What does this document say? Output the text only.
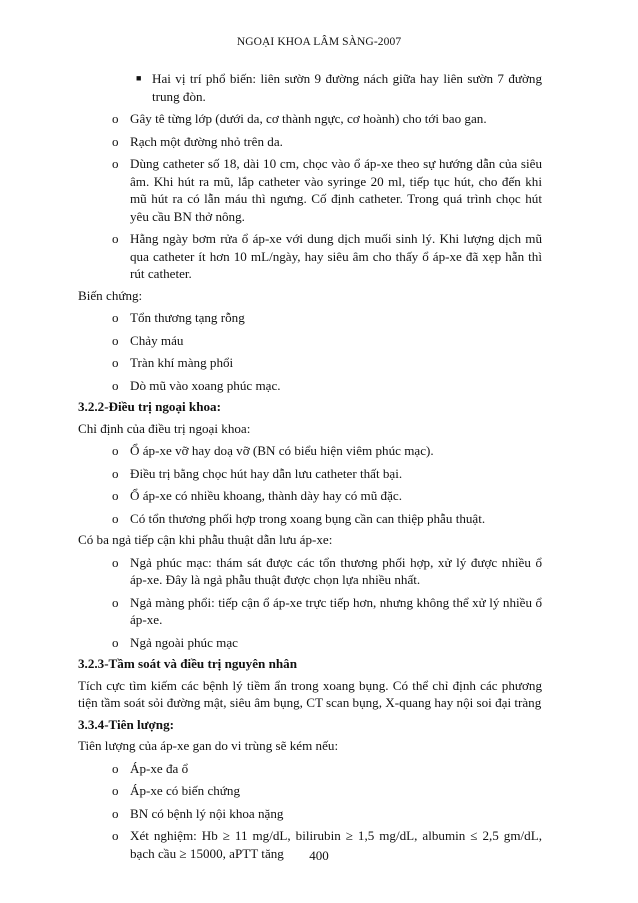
NGOẠI KHOA LÂM SÀNG-2007
■ Hai vị trí phổ biến: liên sườn 9 đường nách giữa hay liên sườn 7 đường trung đòn.
o Gây tê từng lớp (dưới da, cơ thành ngực, cơ hoành) cho tới bao gan.
o Rạch một đường nhỏ trên da.
o Dùng catheter số 18, dài 10 cm, chọc vào ổ áp-xe theo sự hướng dẫn của siêu âm. Khi hút ra mũ, lắp catheter vào syringe 20 ml, tiếp tục hút, cho đến khi mũ hút ra có lẫn máu thì ngưng. Cố định catheter. Trong quá trình chọc hút yêu cầu BN thở nông.
o Hằng ngày bơm rửa ổ áp-xe với dung dịch muối sinh lý. Khi lượng dịch mũ qua catheter ít hơn 10 mL/ngày, hay siêu âm cho thấy ổ áp-xe đã xẹp hẵn thì rút catheter.

Biến chứng:

o Tổn thương tạng rỗng
o Chảy máu
o Tràn khí màng phổi
o Dò mũ vào xoang phúc mạc.

3.2.2-Điều trị ngoại khoa:

Chỉ định của điều trị ngoại khoa:

o Ổ áp-xe vỡ hay doạ vỡ (BN có biểu hiện viêm phúc mạc).
o Điều trị bằng chọc hút hay dẫn lưu catheter thất bại.
o Ổ áp-xe có nhiều khoang, thành dày hay có mũ đặc.
o Có tổn thương phối hợp trong xoang bụng cần can thiệp phẫu thuật.

Có ba ngả tiếp cận khi phẫu thuật dẫn lưu áp-xe:

o Ngả phúc mạc: thám sát được các tổn thương phối hợp, xử lý được nhiều ổ áp-xe. Đây là ngả phẫu thuật được chọn lựa nhiều nhất.
o Ngả màng phổi: tiếp cận ổ áp-xe trực tiếp hơn, nhưng không thể xử lý nhiều ổ áp-xe.
o Ngả ngoài phúc mạc

3.2.3-Tầm soát và điều trị nguyên nhân

Tích cực tìm kiếm các bệnh lý tiềm ẩn trong xoang bụng. Có thể chỉ định các phương tiện tầm soát sỏi đường mật, siêu âm bụng, CT scan bụng, X-quang hay nội soi đại tràng

3.3.4-Tiên lượng:

Tiên lượng của áp-xe gan do vi trùng sẽ kém nếu:

o Áp-xe đa ổ
o Áp-xe có biến chứng
o BN có bệnh lý nội khoa nặng
o Xét nghiệm: Hb ≥ 11 mg/dL, bilirubin ≥ 1,5 mg/dL, albumin ≤ 2,5 gm/dL, bạch cầu ≥ 15000, aPTT tăng	400
